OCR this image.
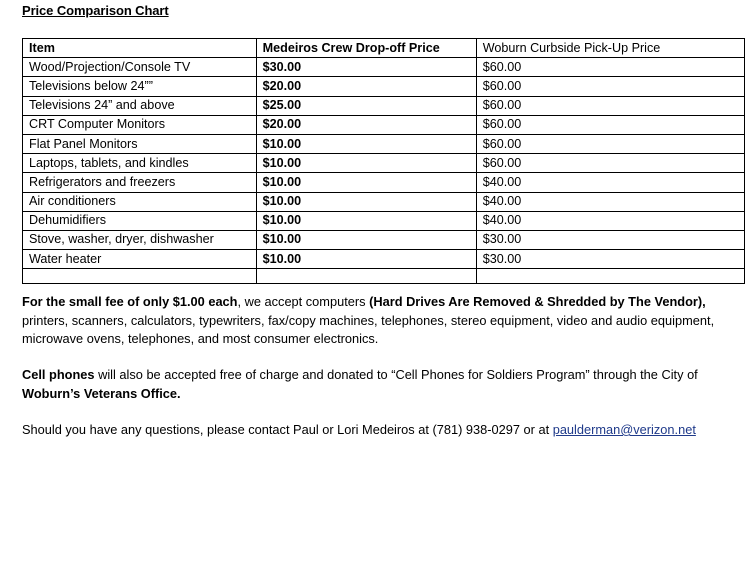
Price Comparison Chart
Item	Medeiros Crew Drop-off Price	Woburn Curbside Pick-Up Price
Wood/Projection/Console TV	$30.00	$60.00
Televisions below 24””	$20.00	$60.00
Televisions 24” and above	$25.00	$60.00
CRT Computer Monitors	$20.00	$60.00
Flat Panel Monitors	$10.00	$60.00
Laptops, tablets, and kindles	$10.00	$60.00
Refrigerators and freezers	$10.00	$40.00
Air conditioners	$10.00	$40.00
Dehumidifiers	$10.00	$40.00
Stove, washer, dryer, dishwasher	$10.00	$30.00
Water heater	$10.00	$30.00

For the small fee of only $1.00 each, we accept computers (Hard Drives Are Removed & Shredded by The Vendor), printers, scanners, calculators, typewriters, fax/copy machines, telephones, stereo equipment, video and audio equipment, microwave ovens, telephones, and most consumer electronics.
Cell phones will also be accepted free of charge and donated to “Cell Phones for Soldiers Program” through the City of Woburn’s Veterans Office.
Should you have any questions, please contact Paul or Lori Medeiros at (781) 938-0297 or at paulderman@verizon.net
